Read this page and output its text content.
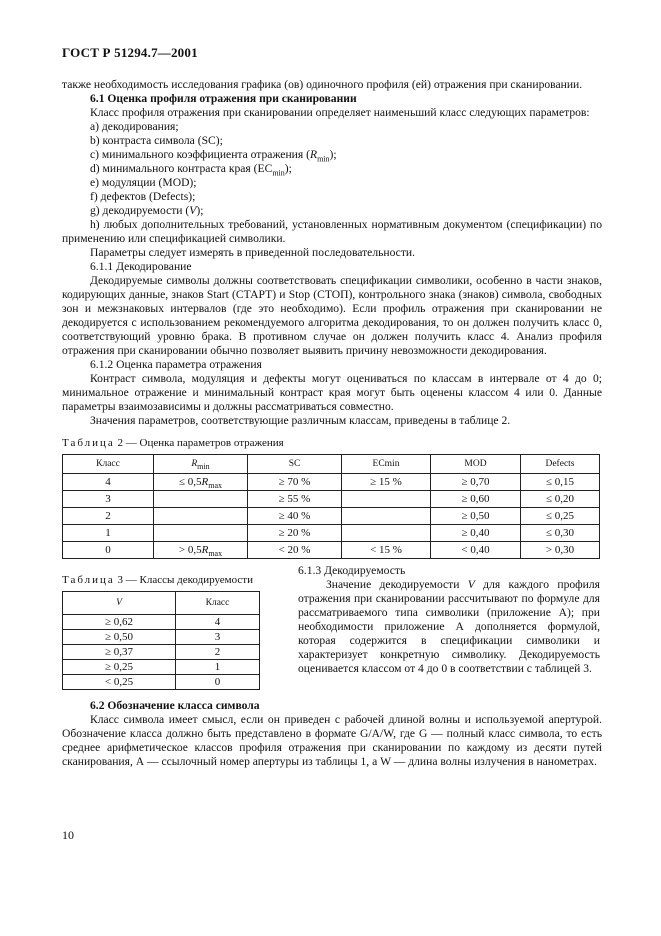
ГОСТ Р 51294.7—2001

также необходимость исследования графика (ов) одиночного профиля (ей) отражения при сканировании.

6.1 Оценка профиля отражения при сканировании

Класс профиля отражения при сканировании определяет наименьший класс следующих параметров:

а) декодирования;

b) контраста символа (SC);

с) минимального коэффициента отражения $(R_{min})$;

d) минимального контраста края $(EC_{min})$;

е) модуляции (MOD);

f) дефектов (Defects);

g) декодируемости (V);

h) любых дополнительных требований, установленных нормативным документом (спецификации) по применению или спецификацией символики.

Параметры следует измерять в приведенной последовательности.

6.1.1 Декодирование

Декодируемые символы должны соответствовать спецификации символики, особенно в части знаков, кодирующих данные, знаков Start (СТАРТ) и Stop (СТОП), контрольного знака (знаков) символа, свободных зон и межзнаковых интервалов (где это необходимо). Если профиль отражения при сканировании не декодируется с использованием рекомендуемого алгоритма декодирования, то он должен получить класс 0, соответствующий уровню брака. В противном случае он должен получить класс 4. Анализ профиля отражения при сканировании обычно позволяет выявить причину невозможности декодирования.

6.1.2 Оценка параметра отражения

Контраст символа, модуляция и дефекты могут оцениваться по классам в интервале от 4 до 0; минимальное отражение и минимальный контраст края могут быть оценены классом 4 или 0. Данные параметры взаимозависимы и должны рассматриваться совместно.

Значения параметров, соответствующие различным классам, приведены в таблице 2.

Таблица 2 — Оценка параметров отражения

Класс	$R_{min}$	SC	ECmin	MOD	Defects
4	≤ $0,5R_{max}$	≥ 70 %	≥ 15 %	≥ 0,70	≤ 0,15
3		≥ 55 %		≥ 0,60	≤ 0,20
2		≥ 40 %		≥ 0,50	≤ 0,25
1		≥ 20 %		≥ 0,40	≤ 0,30
0	> $0,5R_{max}$	< 20 %	< 15 %	< 0,40	> 0,30

Таблица 3 — Классы декодируемости

V	Класс
≥ 0,62	4
≥ 0,50	3
≥ 0,37	2
≥ 0,25	1
< 0,25	0

6.1.3 Декодируемость

Значение декодируемости V для каждого профиля отражения при сканировании рассчитывают по формуле для рассматриваемого типа символики (приложение А); при необходимости приложение А дополняется формулой, которая содержится в спецификации символики и характеризует конкретную символику. Декодируемость оценивается классом от 4 до 0 в соответствии с таблицей 3.

6.2 Обозначение класса символа

Класс символа имеет смысл, если он приведен с рабочей длиной волны и используемой апертурой. Обозначение класса должно быть представлено в формате G/A/W, где G — полный класс символа, то есть среднее арифметическое классов профиля отражения при сканировании по каждому из десяти путей сканирования, А — ссылочный номер апертуры из таблицы 1, а W — длина волны излучения в нанометрах.

10
